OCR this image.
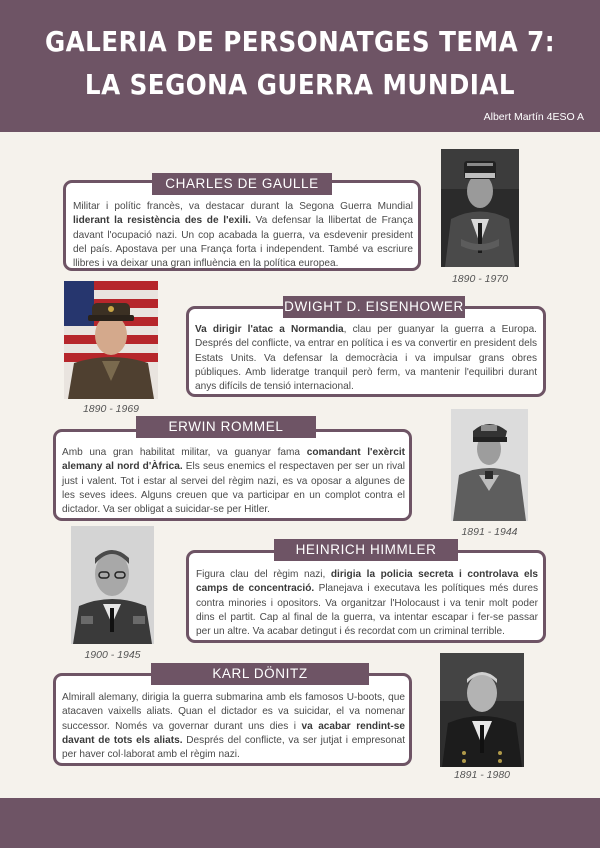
GALERIA DE PERSONATGES TEMA 7:
LA SEGONA GUERRA MUNDIAL
Albert Martín 4ESO A

Militar i polític francès, va destacar durant la Segona Guerra Mundial liderant la resistència des de l'exili. Va defensar la llibertat de França davant l'ocupació nazi. Un cop acabada la guerra, va esdevenir president del país. Apostava per una França forta i independent. També va escriure llibres i va deixar una gran influència en la política europea.

CHARLES DE GAULLE
1890 - 1970

Va dirigir l'atac a Normandia, clau per guanyar la guerra a Europa. Després del conflicte, va entrar en política i es va convertir en president dels Estats Units. Va defensar la democràcia i va impulsar grans obres públiques. Amb lideratge tranquil però ferm, va mantenir l'equilibri durant anys difícils de tensió internacional.

DWIGHT D. EISENHOWER
1890 - 1969

Amb una gran habilitat militar, va guanyar fama comandant l'exèrcit alemany al nord d'Àfrica. Els seus enemics el respectaven per ser un rival just i valent. Tot i estar al servei del règim nazi, es va oposar a algunes de les seves idees. Alguns creuen que va participar en un complot contra el dictador. Va ser obligat a suicidar-se per Hitler.

ERWIN ROMMEL
1891 - 1944

Figura clau del règim nazi, dirigia la policia secreta i controlava els camps de concentració. Planejava i executava les polítiques més dures contra minories i opositors. Va organitzar l'Holocaust i va tenir molt poder dins el partit. Cap al final de la guerra, va intentar escapar i fer-se passar per un altre. Va acabar detingut i és recordat com un criminal terrible.

HEINRICH HIMMLER
1900 - 1945

Almirall alemany, dirigia la guerra submarina amb els famosos U-boots, que atacaven vaixells aliats. Quan el dictador es va suicidar, el va nomenar successor. Només va governar durant uns dies i va acabar rendint-se davant de tots els aliats. Després del conflicte, va ser jutjat i empresonat per haver col·laborat amb el règim nazi.

KARL DÖNITZ
1891 - 1980
